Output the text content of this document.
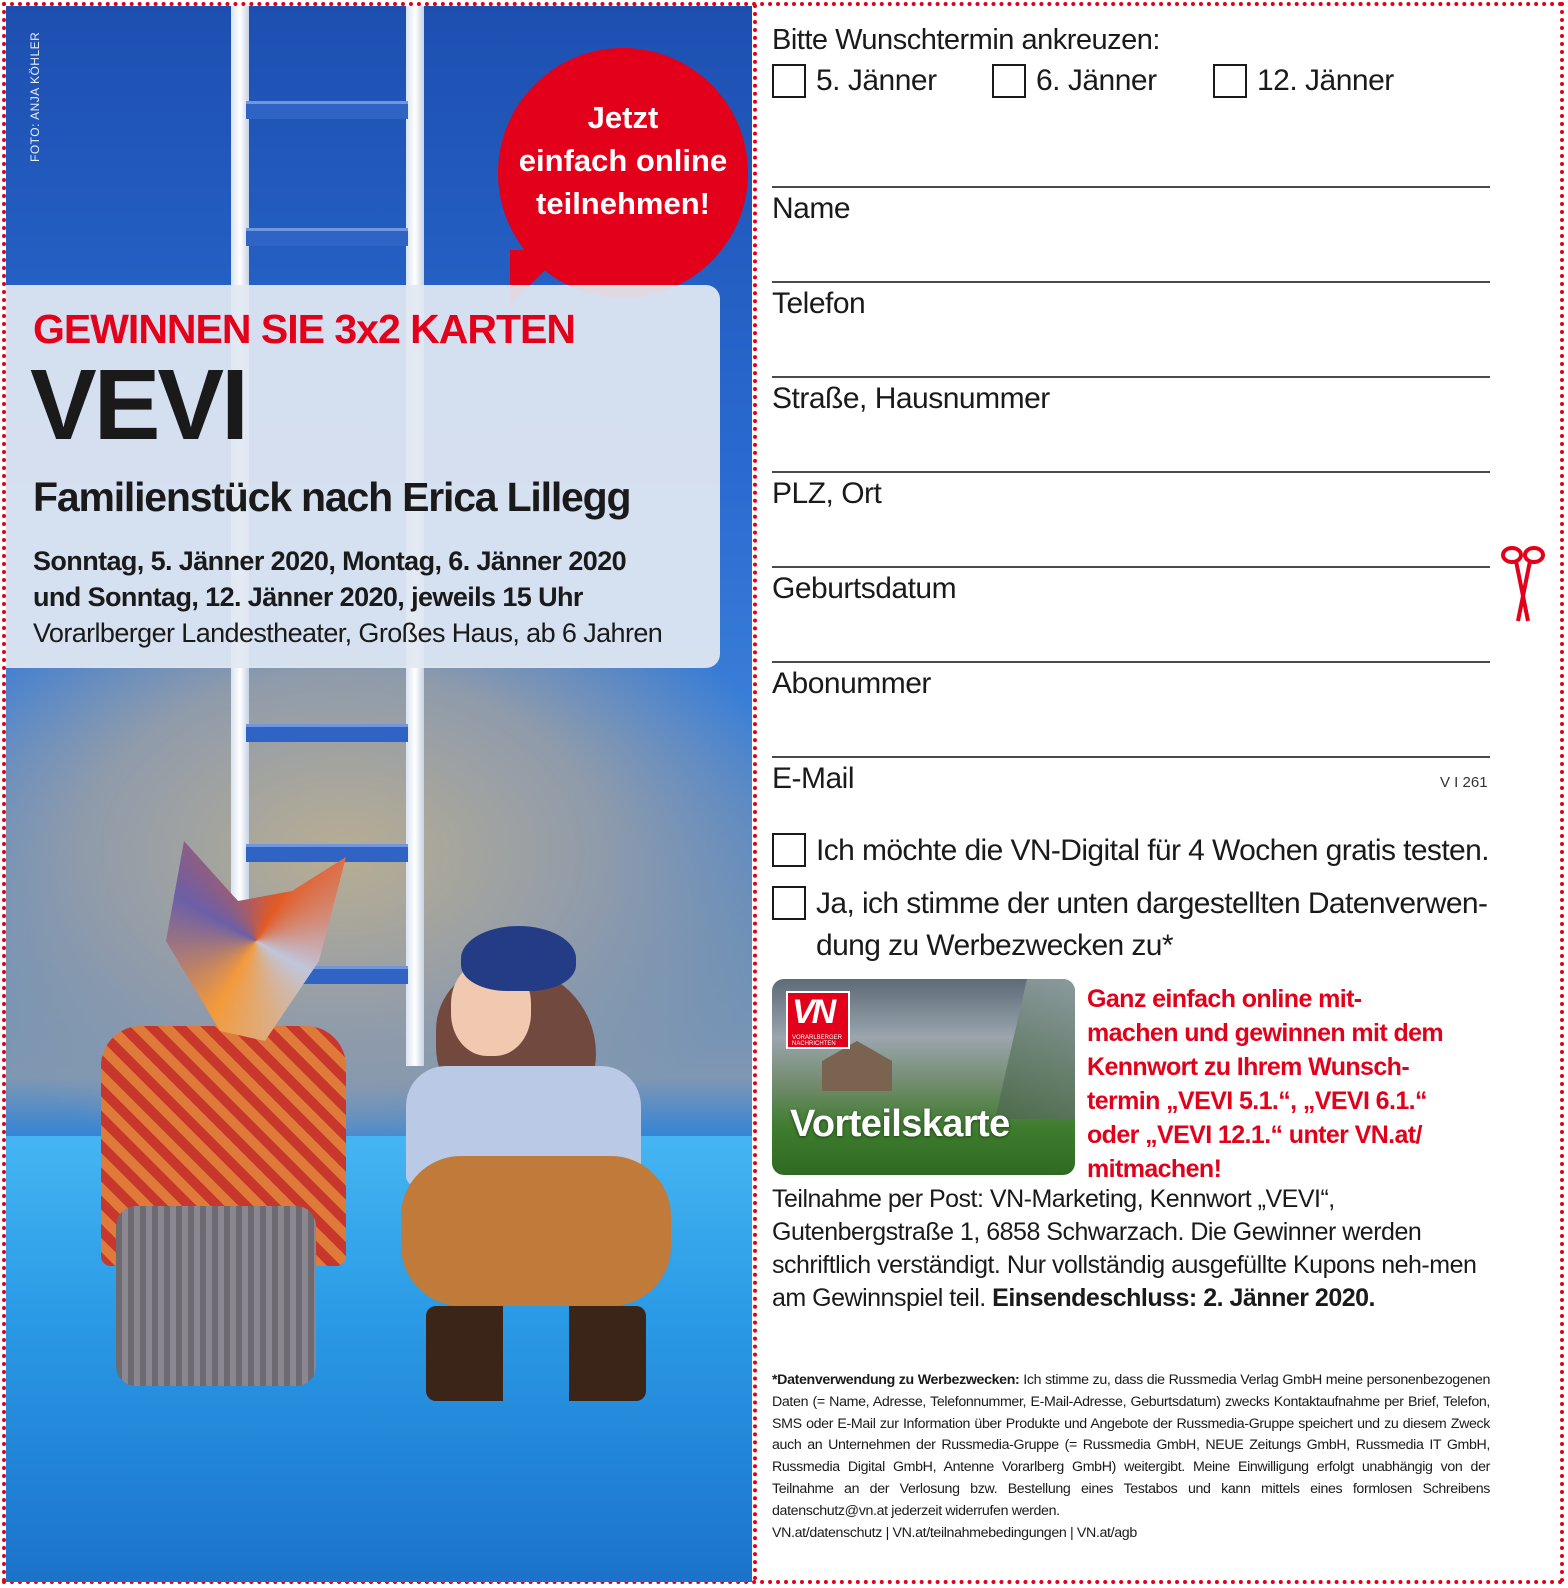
FOTO: ANJA KÖHLER	Jetzt
einfach online
teilnehmen!
GEWINNEN SIE 3x2 KARTEN
VEVI
Familienstück nach Erica Lillegg
Sonntag, 5. Jänner 2020, Montag, 6. Jänner 2020
und Sonntag, 12. Jänner 2020, jeweils 15 Uhr
Vorarlberger Landestheater, Großes Haus, ab 6 Jahren
Bitte Wunschtermin ankreuzen:
5. Jänner	6. Jänner	12. Jänner
Name
Telefon
Straße, Hausnummer
PLZ, Ort
Geburtsdatum
Abonummer
E-Mail	V I 261
Ich möchte die VN-Digital für 4 Wochen gratis testen.
Ja, ich stimme der unten dargestellten Datenverwen-
dung zu Werbezwecken zu*
VN
VORARLBERGER NACHRICHTEN
Vorteilskarte
Ganz einfach online mit-
machen und gewinnen mit dem
Kennwort zu Ihrem Wunsch-
termin „VEVI 5.1.“, „VEVI 6.1.“
oder „VEVI 12.1.“ unter VN.at/
mitmachen!
Teilnahme per Post: VN-Marketing, Kennwort „VEVI“, Gutenbergstraße 1, 6858 Schwarzach. Die Gewinner werden schriftlich verständigt. Nur vollständig ausgefüllte Kupons neh-men am Gewinnspiel teil. Einsendeschluss: 2. Jänner 2020.
*Datenverwendung zu Werbezwecken: Ich stimme zu, dass die Russmedia Verlag GmbH meine personenbezogenen Daten (= Name, Adresse, Telefonnummer, E-Mail-Adresse, Geburtsdatum) zwecks Kontaktaufnahme per Brief, Telefon, SMS oder E-Mail zur Information über Produkte und Angebote der Russmedia-Gruppe speichert und zu diesem Zweck auch an Unternehmen der Russmedia-Gruppe (= Russmedia GmbH, NEUE Zeitungs GmbH, Russmedia IT GmbH, Russmedia Digital GmbH, Antenne Vorarlberg GmbH) weitergibt. Meine Einwilligung erfolgt unabhängig von der Teilnahme an der Verlosung bzw. Bestellung eines Testabos und kann mittels eines formlosen Schreibens datenschutz@vn.at jederzeit widerrufen werden.
VN.at/datenschutz | VN.at/teilnahmebedingungen | VN.at/agb
